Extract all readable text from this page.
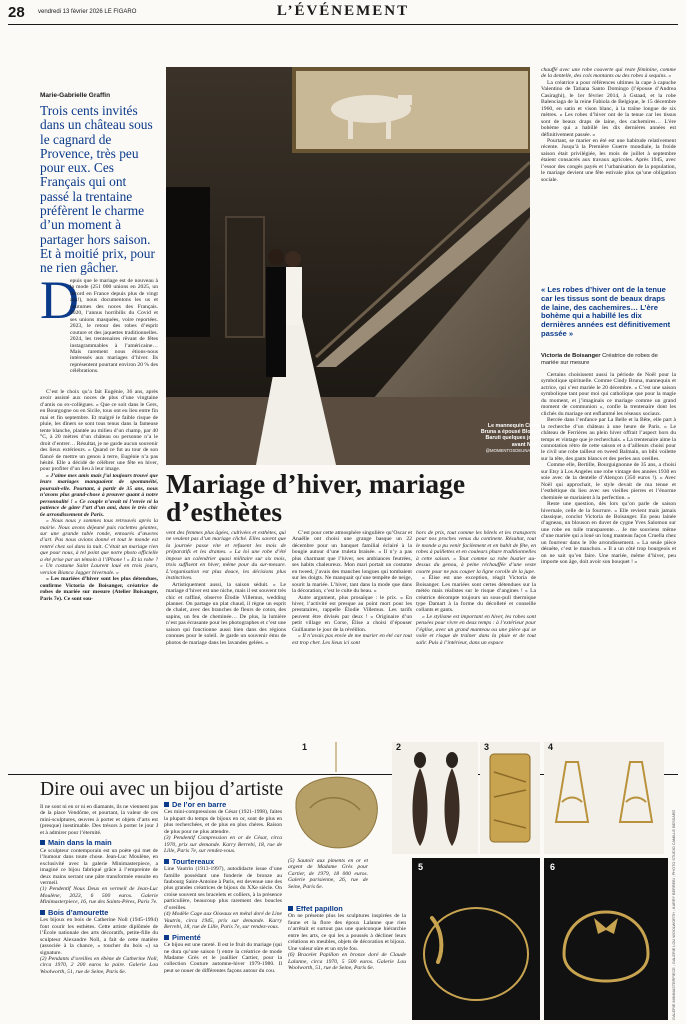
28 vendredi 13 février 2026 LE FIGARO	L’ÉVÉNEMENT
Marie-Gabrielle Graffin
Trois cents invités dans un château sous le cagnard de Provence, très peu pour eux. Ces Français qui ont passé la trentaine préfèrent le charme d’un moment à partager hors saison. Et à moitié prix, pour ne rien gâcher.
D

epuis que le mariage est de nouveau à la mode (251 000 unions en 2025, un record en France depuis plus de vingt ans!), nous documentons les us et coutumes des noces des Français. 2020, l’annus horribilis du Covid et ses unions masquées, voire reportées. 2023, le retour des robes d’esprit couture et des jaquettes traditionnelles. 2024, les trentenaires rêvant de fêtes instagrammables à l’américaine… Mais rarement nous étions-nous intéressés aux mariages d’hiver. Ils représentent pourtant environ 20 % des célébrations.

C’est le choix qu’a fait Eugénie, 36 ans, après avoir assisté aux noces de plus d’une vingtaine d’amis ou ex-collègues. « Que ce soit dans le Gers, en Bourgogne ou en Sicile, tous ont eu lieu entre fin mai et fin septembre. Et malgré le faible risque de pluie, les dîners se sont tous tenus dans la fameuse tente blanche, plantée au milieu d’un champ, par 40 °C, à 20 mètres d’un château ou personne n’a le droit d’entrer… Résultat, je ne garde aucun souvenir des lieux extérieurs. » Quand ce fut au tour de son fiancé de mettre un genou à terre, Eugénie n’a pas hésité. Elle a décidé de célébrer une fête en hiver, pour profiter d’un lieu à leur image.

« J’aime mes amis mais j’ai toujours trouvé que leurs mariages manquaient de spontanéité, poursuit-elle. Pourtant, à partir de 35 ans, nous n’avons plus grand-chose à prouver quant à notre personnalité ! » Ce couple n’avait ni l’envie ni la patience de gâter l’art d’un ami, dans le très chic 6e arrondissement de Paris.

« Nous nous y sommes tous retrouvés après la mairie. Nous avons déjeuné puis raclettes géantes, sur une grande table ronde, entourés d’œuvres d’art. Pas nous avions donné et tout le monde est rentré chez soi dans la nuit. C’était un mariage rien que pour nous, à tel point que notre photo officielle a été prise par un témoin à l’iPhone ! » Et la robe ? « Un costume Saint Laurent loué en trois jours, version Bianca Jagger hivernale. »

« Les mariées d’hiver sont les plus détendues, confirme Victoria de Boisanger, créatrice de robes de mariée sur mesure (Atelier Boisanger, Paris 7e). Ce sont sou-

Le mannequin Cindy Bruna a épousé Blondy Baruti quelques jours avant Noël.
@MOMENTOSDEUNAVIDA
Mariage d’hiver, mariage d’esthètes

vent des femmes plus âgées, cultivées et esthètes, qui ne veulent pas d’un mariage cliché. Elles savent que la journée passe vite et refusent les mois de préparatifs et les drames. » La loi une robe d’été impose un calendrier quasi militaire sur six mois, trois suffisent en hiver, même pour du sur-mesure. L’organisation est plus douce, les décisions plus instinctives.

Artistiquement aussi, la saison séduit. « Le mariage d’hiver est une niche, mais il est souvent très chic et raffiné, observe Élodie Villemus, wedding planner. On partage un plat chaud, il règne un esprit de chalet, avec des branches de fleurs de coton, des sapins, un feu de cheminée… De plus, la lumière n’est pas écrasante pour les photographes et c’est une saison qui fonctionne aussi bien dans des régions connues pour le soleil. Je garde un souvenir ému de photos de mariage dans les lavandes gelées. »

C’est pour cette atmosphère singulière qu’Oscar et Anaëlle ont choisi une grange basque un 22 décembre pour un banquet familial éclairé à la bougie autour d’une truleta braisée. « Il n’y a pas plus charmant que l’hiver, ses ambiances feutrées, ses habits chaleureux. Mon mari portait un costume en tweed, j’avais des manches longues qui tombaient sur les doigts. Ne manquait qu’une tempête de neige, sourit la mariée. L’hiver, tant dans la mode que dans la décoration, c’est le culte du beau. »

Autre argument, plus prosaïque : le prix. « En hiver, l’activité est presque au point mort pour les prestataires, rappelle Élodie Villemus. Les tarifs peuvent être divisés par deux ! » Originaire d’un petit village en Corse, Élise a choisi d’épouser Guillaume le jour de la révéillon.

« Il n’avais pas envie de me marier en été car tout est trop cher. Les lieux ici sont

hors de prix, tout comme les hôtels et les transports pour nos proches venus du continent. Résultat, tout le monde a pu venir facilement et en habit de fête, en robes à paillettes et en couleurs phare traditionnelles à cette saison. » Tout comme sa robe bustier au-dessus du genou, à peine réchauffée d’une veste courte pour ne pas couper la ligne corolle de la jupe.

« Élise est une exception, réagit Victoria de Boisanger. Les mariées sont certes détendues sur la météo mais réalistes sur le risque d’angines ! » La créatrice décompte toujours un sous-pull thermique type Damart à la forme du décolleté et conseille collants et gants.

« Le stylisme est important en hiver, les robes sont pensées pour vivre en deux temps : à l’extérieur pour l’église, avec un grand manteau ou une pièce qui se voile et risque de traîner dans la pluie et de tout salir. Puis à l’intérieur, dans un espace

chauffé avec une robe couverte qui reste féminine, comme de la dentelle, des cols montants ou des robes à sequins. »

La créatrice a pour références ultimes la cape à capuche Valentino de Tatiana Santo Domingo (l’épouse d’Andrea Casiraghi), le 1er février 2014, à Gstaad, et la robe Balenciaga de la reine Fabiola de Belgique, le 15 décembre 1960, en satin et vison blanc, à la traîne longue de six mètres. « Les robes d’hiver ont de la tenue car les tissus sont de beaux draps de laine, des cachemires… L’ère bohème qui a habillé les dix dernières années est définitivement passée. »

Pourtant, se marier en été est une habitude relativement récente. Jusqu’à la Première Guerre mondiale, la froide saison était privilégiée, les mois de juillet à septembre étaient consacrés aux travaux agricoles. Après 1945, avec l’essor des congés payés et l’urbanisation de la population, le mariage devient une fête estivale plus qu’une obligation sociale.

« Les robes d’hiver ont de la tenue car les tissus sont de beaux draps de laine, des cachemires… L’ère bohème qui a habillé les dix dernières années est définitivement passée »
Victoria de Boisanger Créatrice de robes de mariée sur mesure

Certains choisissent aussi la période de Noël pour la symbolique spirituelle. Comme Cindy Bruna, mannequin et actrice, qui s’est mariée le 20 décembre. « C’est une saison symbolique tant pour moi qui catholique que pour la magie du moment, et j’imaginais ce mariage comme un grand moment de communion », confie la trentenaire dont les clichés du mariage ont enflammé les réseaux sociaux.

Bercée dans l’enfance par La Belle et la Bête, elle part à la recherche d’un château à une heure de Paris. « Le château de Ferrières au plein hiver offrait l’aspect hors du temps et vintage que je recherchais. » La trentenaire aime la connotation rétro de cette saison et a d’ailleurs choisi pour le civil une robe tailleur en tweed Balmain, un bibi voilette sur la tête, des gants blancs et des perles aux oreilles.

Comme elle, Bertille, Bourguignonne de 35 ans, a choisi sur Etsy à Los Angeles une robe vintage des années 1930 en soie avec de la dentelle d’Alençon (350 euros !). « Avec Noël qui approchait, le style devait de ma tenue et l’esthétique du lieu avec ses vieilles pierres et l’énorme cheminée se mariaient à la perfection. »

Reste une question, dès lors qu’on parle de saison hivernale, celle de la fourrure. « Elle revient mais jamais classique, conclut Victoria de Boisanger. En peau lainée d’agneau, un blouson en duvet de cygne Yves Salomon sur une robe en tulle transparente… Je me souviens même d’une mariée qui a loué un long manteau façon Cruella chez un fourreur dans le 10e arrondissement. » La seule pièce désuète, c’est le manchon. « Il a un côté trop bourgeois et on ne sait qu’en faire. Une mariée, même d’hiver, peu importe son âge, doit avoir son bouquet ! »

Dire oui avec un bijou d’artiste

Il ne sont ni en or ni en diamants, ils ne viennent pas de la place Vendôme, et pourtant, la valeur de ces mini-sculptures, œuvres à porter et objets d’arts est (presque) inestimable. Des trésors à porter le jour J et à admirer pour l’éternité.

Main dans la main

Ce sculpteur contemporain est un poète qui met de l’humour dans toute chose. Jean-Luc Moulène, en exclusivité avec la galerie Minimasterpiece, a imaginé ce bijou fabriqué grâce à l’empreinte de deux mains serrant une pâte transformée ensuite en vermeil.

(1) Pendentif Nous Deux en vermeil de Jean-Luc Moulène, 2023, 6 500 euros. Galerie Minimasterpiece, 16, rue des Saints-Pères, Paris 7e.

Bois d’amourette

Les bijoux en bois de Catherine Noll (1945-1994) font courir les esthètes. Cette artiste diplômée de l’École nationale des arts décoratifs, petite-fille du sculpteur Alexandre Noll, a fait de cette matière (associée à la chance, « toucher du bois ») sa signature.

(2) Pendants d’oreilles en ébène de Catherine Noll, circa 1970, 2 200 euros la paire. Galerie Lou Woolworth, 51, rue de Seine, Paris 6e.

De l’or en barre

Ces mini-compressions de César (1921-1998), faites la plupart du temps de bijoux en or, sont de plus en plus recherchées, et de plus en plus chères. Raison de plus pour ne plus attendre.

(3) Pendentif Compression en or de César, circa 1970, prix sur demande. Karry Berrebi, 18, rue de Lille, Paris 7e, sur rendez-vous.

Tourtereaux

Line Vautrin (1913-1997), autodidacte issue d’une famille possédant une fonderie de bronze au faubourg Saint-Antoine à Paris, est devenue une des plus grandes créatrices de bijoux du XXe siècle. On croise souvent ses bracelets et colliers, à la présence particulière, beaucoup plus rarement des boucles d’oreilles.

(4) Modèle Cage aux Oiseaux en métal doré de Line Vautrin, circa 1945, prix sur demande. Karry Berrebi, 18, rue de Lille, Paris 7e, sur rendez-vous.

Pimenté

Ce bijou est une rareté. Il est le fruit du mariage (qui ne dura qu’une saison !) entre la créatrice de mode Madame Grès et le joaillier Cartier, pour la collection Couture automne-hiver 1979-1980. Il peut se nouer de différentes façons autour du cou.

1	2	3	4

(5) Sautoir aux piments en or et argent de Madame Grès pour Cartier, de 1979, 18 000 euros. Galerie parisienne, 26, rue de Seine, Paris 6e.

Effet papillon

On ne présente plus les sculptures inspirées de la faune et la flore des époux Lalanne que rien n’arrêtait et surtout pas une quelconque hiérarchie entre les arts, ce qui les a poussés à décliner leurs créations en meubles, objets de décoration et bijoux. Une valeur sûre et un style fou.

(6) Bracelet Papillon en bronze doré de Claude Lalanne, circa 1970, 5 500 euros. Galerie Lou Woolworth, 51, rue de Seine, Paris 6e.

5	6	GALERIE MINIMASTERPIECE ; GALERIE LOU WOOLWORTH ; KARRY BERREBI ; PHOTO STUDIO CAMILLE BESSARD
